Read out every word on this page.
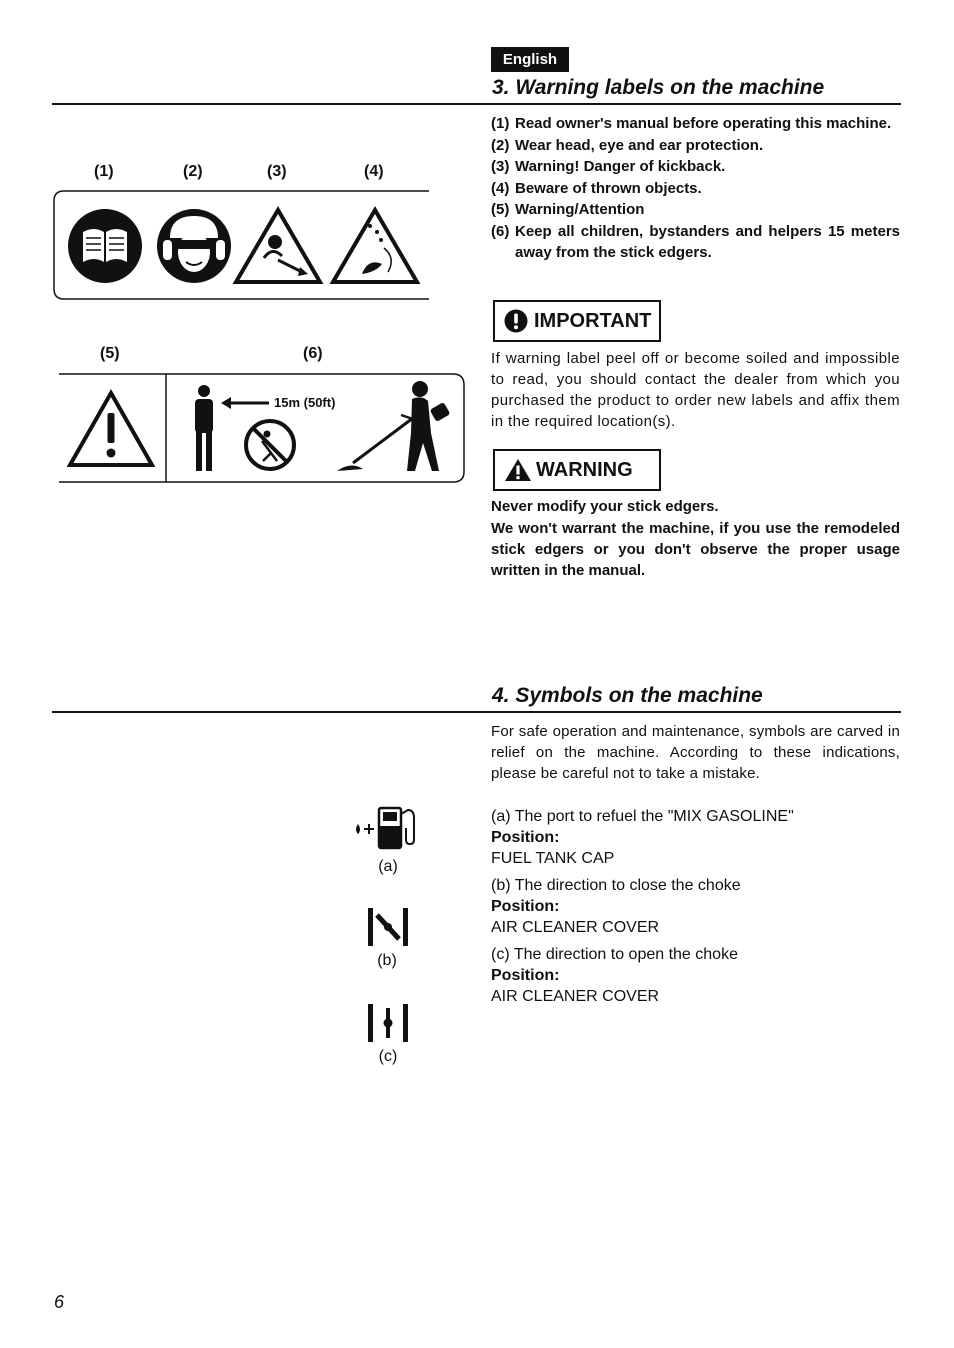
English
3. Warning labels on the machine
(1) Read owner's manual before operating this machine.
(2) Wear head, eye and ear protection.
(3) Warning! Danger of kickback.
(4) Beware of thrown objects.
(5) Warning/Attention
(6) Keep all children, bystanders and helpers 15 meters away from the stick edgers.
IMPORTANT
If warning label peel off or become soiled and impossible to read, you should contact the dealer from which you purchased the product to order new labels and affix them in the required location(s).
WARNING
Never modify your stick edgers.
We won't warrant the machine, if you use the remodeled stick edgers or you don't observe the proper usage written in the manual.
(1)	(2)	(3)	(4)
(5)	(6)
15m (50ft)
4. Symbols on the machine
For safe operation and maintenance, symbols are carved in relief on the machine. According to these indications, please be careful not to take a mistake.
(a)
(b)
(c)
(a) The port to refuel the "MIX GASOLINE"
Position:
FUEL TANK CAP
(b) The direction to close the choke
Position:
AIR CLEANER COVER
(c) The direction to open the choke
Position:
AIR CLEANER COVER
6
